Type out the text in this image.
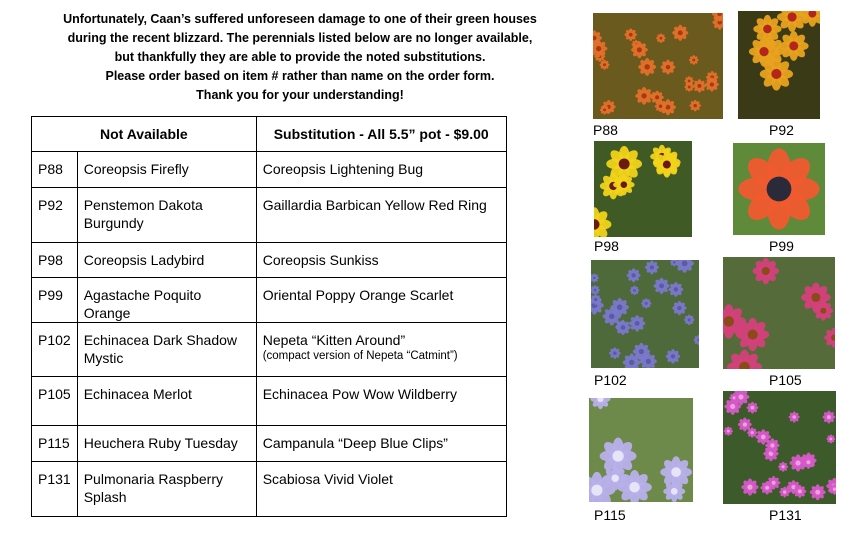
Unfortunately, Caan’s suffered unforeseen damage to one of their green houses
during the recent blizzard. The perennials listed below are no longer available,
but thankfully they are able to provide the noted substitutions.
Please order based on item # rather than name on the order form.
Thank you for your understanding!
Not Available		Substitution - All 5.5” pot - $9.00
P88	Coreopsis Firefly	Coreopsis Lightening Bug
P92	Penstemon Dakota Burgundy	Gaillardia Barbican Yellow Red Ring
P98	Coreopsis Ladybird	Coreopsis Sunkiss
P99	Agastache Poquito Orange	Oriental Poppy Orange Scarlet
P102	Echinacea Dark Shadow Mystic	Nepeta “Kitten Around”
(compact version of Nepeta “Catmint”)

P105	Echinacea Merlot	Echinacea Pow Wow Wildberry
P115	Heuchera Ruby Tuesday	Campanula “Deep Blue Clips”
P131	Pulmonaria Raspberry Splash	Scabiosa Vivid Violet
P88	P92
P98	P99
P102	P105
P115	P131
